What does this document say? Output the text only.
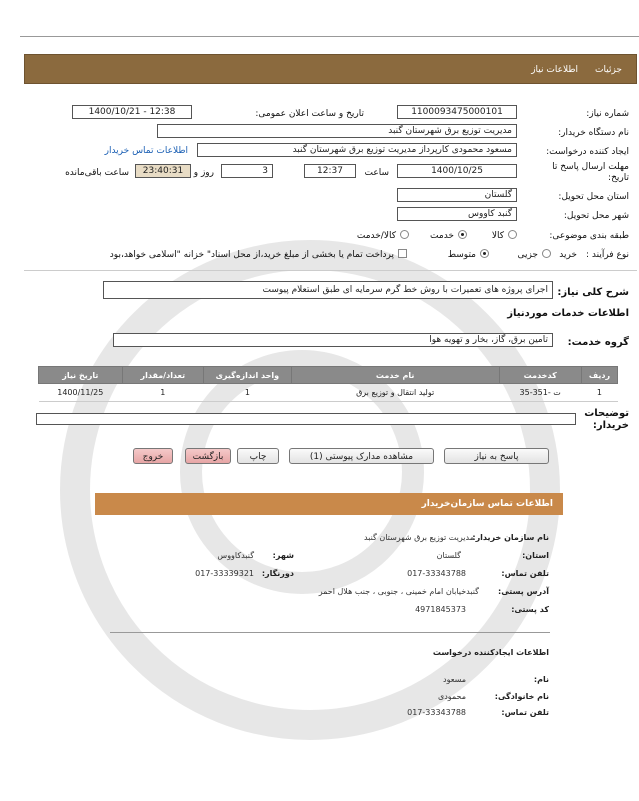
جزئیات
اطلاعات نیاز
شماره نیاز:
1100093475000101
تاریخ و ساعت اعلان عمومی:
1400/10/21 - 12:38
نام دستگاه خریدار:
مدیریت توزیع برق شهرستان گنبد
ایجاد کننده درخواست:
مسعود محمودی کارپرداز مدیریت توزیع برق شهرستان گنبد
اطلاعات تماس خریدار
مهلت ارسال پاسخ تا تاریخ:
1400/10/25
ساعت
12:37
3
روز و
23:40:31
ساعت باقی‌مانده
استان محل تحویل:
گلستان
شهر محل تحویل:
گنبد کاووس
طبقه بندی موضوعی:
کالا
خدمت
کالا/خدمت
نوع فرآیند :
خرید
جزیی
متوسط
پرداخت تمام یا بخشی از مبلغ خرید،از محل اسناد" خزانه "اسلامی خواهد،بود
شرح کلی نیاز:
اجرای پروژه های تعمیرات با روش خط گرم سرمایه ای طبق استعلام پیوست
اطلاعات خدمات موردنیاز
گروه خدمت:
تامین برق، گاز، بخار و تهویه هوا
ردیف	کدخدمت	نام خدمت	واحد اندازه‌گیری	تعداد/مقدار	تاریخ نیاز
1	ت -351-35	تولید انتقال و توزیع برق	1	1	1400/11/25
توضیحات خریدار:
پاسخ به نیاز
مشاهده مدارک پیوستی (1)
چاپ
بازگشت
خروج
اطلاعات تماس سازمان‌خریدار
نام سازمان خریدار:
مدیریت توزیع برق شهرستان گنبد
استان:
گلستان
شهر:
گنبدکاووس
تلفن تماس:
017-33343788
دورنگار:
017-33339321
آدرس پستی:
گنبدخیابان امام خمینی ، جنوبی ، جنب هلال احمر
کد پستی:
4971845373
اطلاعات ایجادکننده درخواست
نام:
مسعود
نام خانوادگی:
محمودی
تلفن تماس:
017-33343788
